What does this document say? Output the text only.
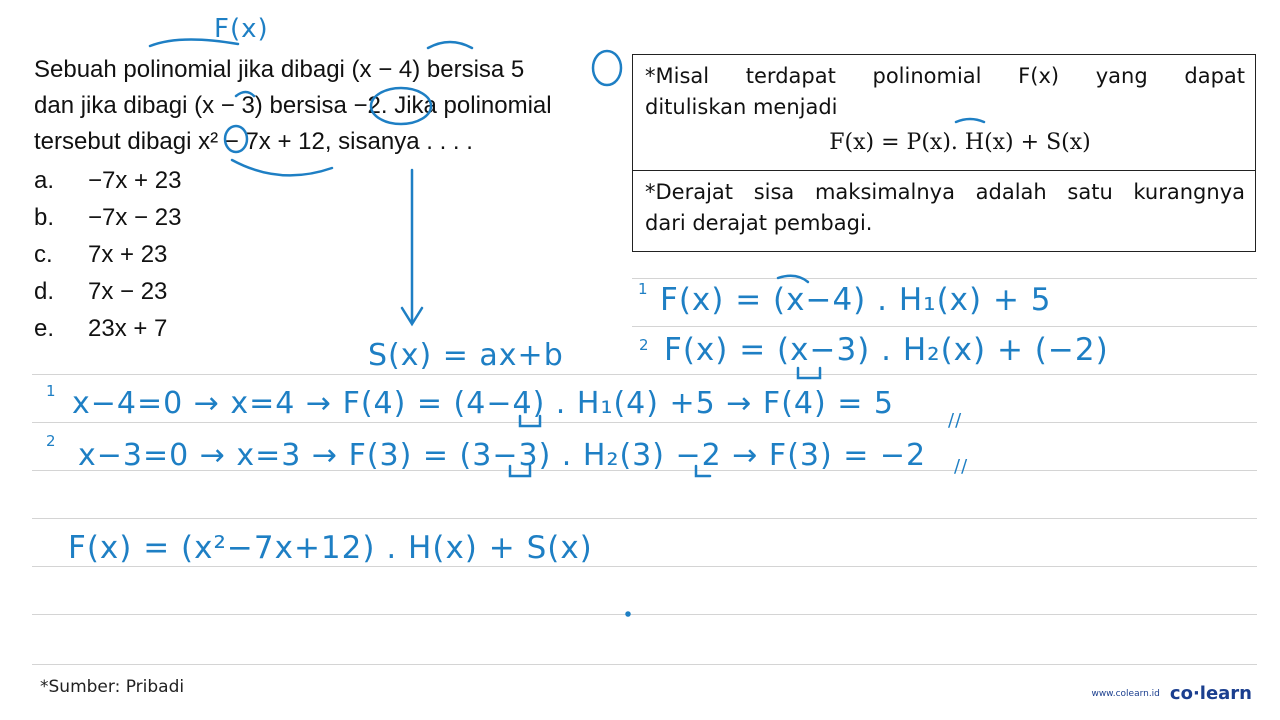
Sebuah polinomial jika dibagi (x − 4) bersisa 5

dan jika dibagi (x − 3) bersisa −2. Jika polinomial

tersebut dibagi x² − 7x + 12, sisanya . . . .

a.	−7x + 23
b.	−7x − 23
c.	7x + 23
d.	7x − 23
e.	23x + 7
*Misal terdapat polinomial F(x) yang dapat
dituliskan menjadi
F(x) = P(x). H(x) + S(x)
*Derajat sisa maksimalnya adalah satu kurangnya
dari derajat pembagi.
F(x)
S(x) = ax+b
1 F(x) = (x−4) . H₁(x) + 5
2 F(x) = (x−3) . H₂(x) + (−2)
1 x−4=0 → x=4 → F(4) = (4−4) . H₁(4) +5 → F(4) = 5
2 x−3=0 → x=3 → F(3) = (3−3) . H₂(3) −2 → F(3) = −2
//
//
F(x) = (x²−7x+12) . H(x) + S(x)
*Sumber: Pribadi	www.colearn.id co·learn
